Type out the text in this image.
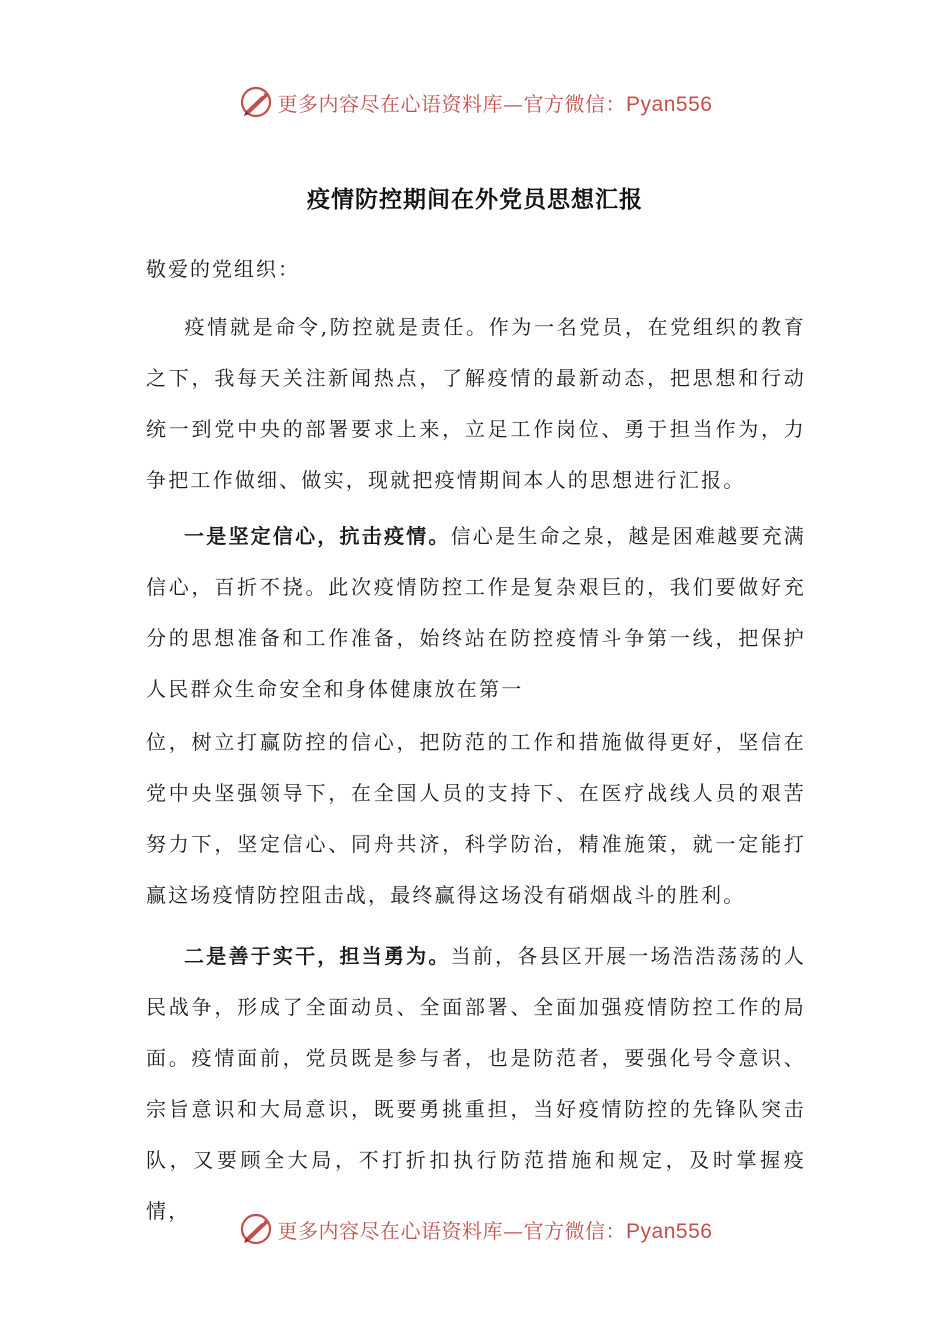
更多内容尽在心语资料库—官方微信：Pyan556
疫情防控期间在外党员思想汇报
敬爱的党组织：

疫情就是命令,防控就是责任。作为一名党员，在党组织的教育之下，我每天关注新闻热点，了解疫情的最新动态，把思想和行动统一到党中央的部署要求上来，立足工作岗位、勇于担当作为，力争把工作做细、做实，现就把疫情期间本人的思想进行汇报。

一是坚定信心，抗击疫情。信心是生命之泉，越是困难越要充满信心，百折不挠。此次疫情防控工作是复杂艰巨的，我们要做好充分的思想准备和工作准备，始终站在防控疫情斗争第一线，把保护人民群众生命安全和身体健康放在第一

位，树立打赢防控的信心，把防范的工作和措施做得更好，坚信在党中央坚强领导下，在全国人员的支持下、在医疗战线人员的艰苦努力下，坚定信心、同舟共济，科学防治，精准施策，就一定能打赢这场疫情防控阻击战，最终赢得这场没有硝烟战斗的胜利。

二是善于实干，担当勇为。当前，各县区开展一场浩浩荡荡的人民战争，形成了全面动员、全面部署、全面加强疫情防控工作的局面。疫情面前，党员既是参与者，也是防范者，要强化号令意识、宗旨意识和大局意识，既要勇挑重担，当好疫情防控的先锋队突击队，又要顾全大局，不打折扣执行防范措施和规定，及时掌握疫情，

更多内容尽在心语资料库—官方微信：Pyan556
